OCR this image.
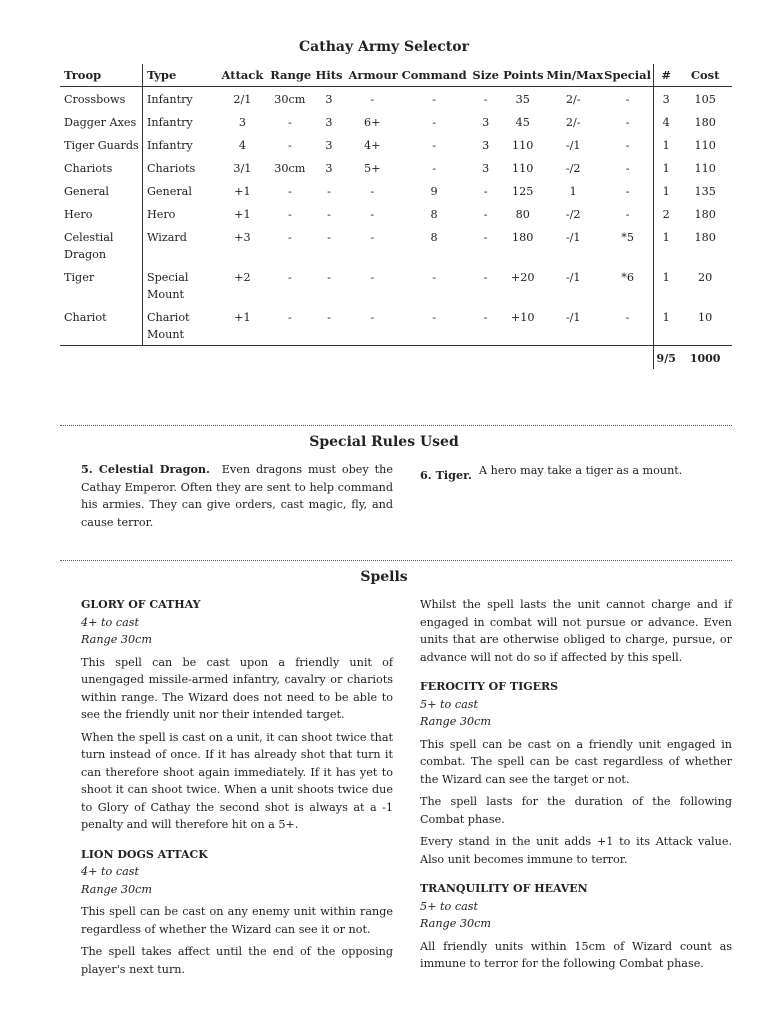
Cathay Army Selector
Troop	Type	Attack	Range	Hits	Armour	Command	Size	Points	Min/Max	Special	#	Cost
Crossbows	Infantry	2/1	30cm	3	-	-	-	35	2/-	-	3	105
Dagger Axes	Infantry	3	-	3	6+	-	3	45	2/-	-	4	180
Tiger Guards	Infantry	4	-	3	4+	-	3	110	-/1	-	1	110
Chariots	Chariots	3/1	30cm	3	5+	-	3	110	-/2	-	1	110
General	General	+1	-	-	-	9	-	125	1	-	1	135
Hero	Hero	+1	-	-	-	8	-	80	-/2	-	2	180
Celestial Dragon	Wizard	+3	-	-	-	8	-	180	-/1	*5	1	180
Tiger	Special Mount	+2	-	-	-	-	-	+20	-/1	*6	1	20
Chariot	Chariot Mount	+1	-	-	-	-	-	+10	-/1	-	1	10
											9/5	1000
Special Rules Used
5. Celestial Dragon. Even dragons must obey the Cathay Emperor. Often they are sent to help command his armies. They can give orders, cast magic, fly, and cause terror.
6. Tiger. A hero may take a tiger as a mount.
Spells

GLORY OF CATHAY

4+ to cast

Range 30cm

This spell can be cast upon a friendly unit of unengaged missile-armed infantry, cavalry or chariots within range. The Wizard does not need to be able to see the friendly unit nor their intended target.

When the spell is cast on a unit, it can shoot twice that turn instead of once. If it has already shot that turn it can therefore shoot again immediately. If it has yet to shoot it can shoot twice. When a unit shoots twice due to Glory of Cathay the second shot is always at a -1 penalty and will therefore hit on a 5+.

LION DOGS ATTACK

4+ to cast

Range 30cm

This spell can be cast on any enemy unit within range regardless of whether the Wizard can see it or not.

The spell takes affect until the end of the opposing player's next turn.

Whilst the spell lasts the unit cannot charge and if engaged in combat will not pursue or advance. Even units that are otherwise obliged to charge, pursue, or advance will not do so if affected by this spell.

FEROCITY OF TIGERS

5+ to cast

Range 30cm

This spell can be cast on a friendly unit engaged in combat. The spell can be cast regardless of whether the Wizard can see the target or not.

The spell lasts for the duration of the following Combat phase.

Every stand in the unit adds +1 to its Attack value. Also unit becomes immune to terror.

TRANQUILITY OF HEAVEN

5+ to cast

Range 30cm

All friendly units within 15cm of Wizard count as immune to terror for the following Combat phase.
